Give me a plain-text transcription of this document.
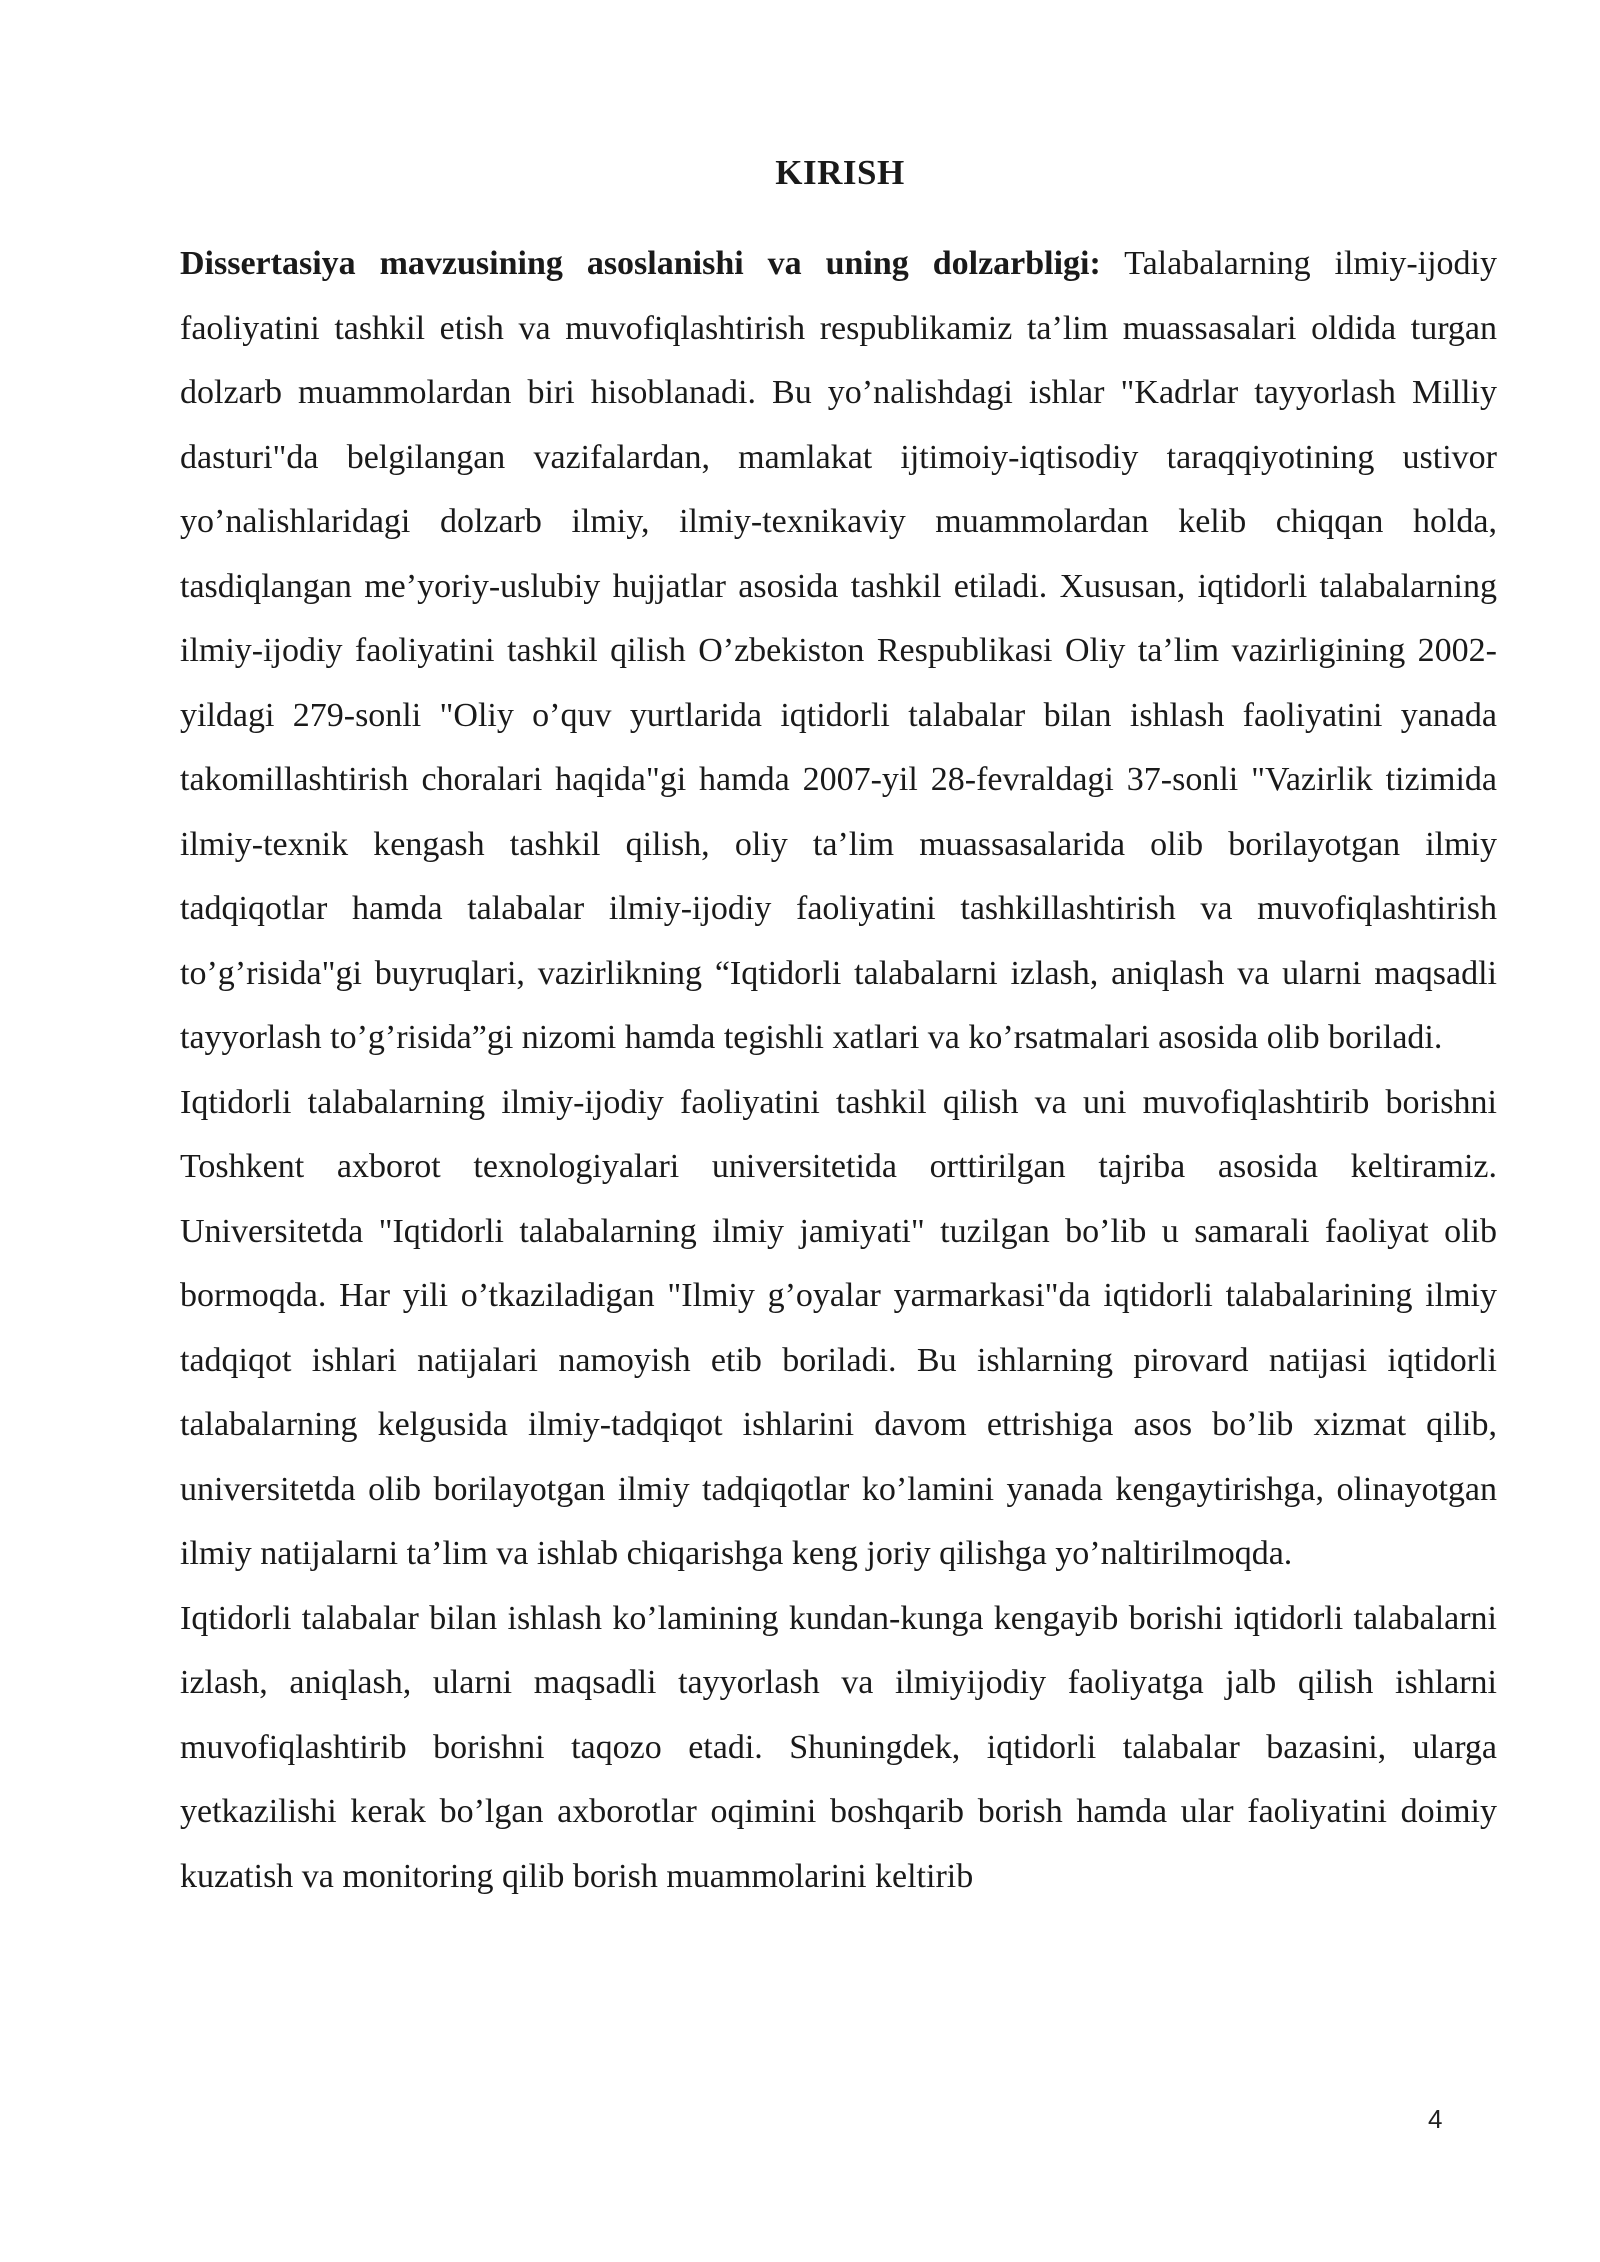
KIRISH

Dissertasiya mavzusining asoslanishi va uning dolzarbligi: Talabalarning ilmiy-ijodiy faoliyatini tashkil etish va muvofiqlashtirish respublikamiz ta’lim muassasalari oldida turgan dolzarb muammolardan biri hisoblanadi. Bu yo’nalishdagi ishlar "Kadrlar tayyorlash Milliy dasturi"da belgilangan vazifalardan, mamlakat ijtimoiy-iqtisodiy taraqqiyotining ustivor yo’nalishlaridagi dolzarb ilmiy, ilmiy-texnikaviy muammolardan kelib chiqqan holda, tasdiqlangan me’yoriy-uslubiy hujjatlar asosida tashkil etiladi. Xususan, iqtidorli talabalarning ilmiy-ijodiy faoliyatini tashkil qilish O’zbekiston Respublikasi Oliy ta’lim vazirligining 2002-yildagi 279-sonli "Oliy o’quv yurtlarida iqtidorli talabalar bilan ishlash faoliyatini yanada takomillashtirish choralari haqida"gi hamda 2007-yil 28-fevraldagi 37-sonli "Vazirlik tizimida ilmiy-texnik kengash tashkil qilish, oliy ta’lim muassasalarida olib borilayotgan ilmiy tadqiqotlar hamda talabalar ilmiy-ijodiy faoliyatini tashkillashtirish va muvofiqlashtirish to’g’risida"gi buyruqlari, vazirlikning “Iqtidorli talabalarni izlash, aniqlash va ularni maqsadli tayyorlash to’g’risida”gi nizomi hamda tegishli xatlari va ko’rsatmalari asosida olib boriladi.

Iqtidorli talabalarning ilmiy-ijodiy faoliyatini tashkil qilish va uni muvofiqlashtirib borishni Toshkent axborot texnologiyalari universitetida orttirilgan tajriba asosida keltiramiz. Universitetda "Iqtidorli talabalarning ilmiy jamiyati" tuzilgan bo’lib u samarali faoliyat olib bormoqda. Har yili o’tkaziladigan "Ilmiy g’oyalar yarmarkasi"da iqtidorli talabalarining ilmiy tadqiqot ishlari natijalari namoyish etib boriladi. Bu ishlarning pirovard natijasi iqtidorli talabalarning kelgusida ilmiy-tadqiqot ishlarini davom ettrishiga asos bo’lib xizmat qilib, universitetda olib borilayotgan ilmiy tadqiqotlar ko’lamini yanada kengaytirishga, olinayotgan ilmiy natijalarni ta’lim va ishlab chiqarishga keng joriy qilishga yo’naltirilmoqda.

Iqtidorli talabalar bilan ishlash ko’lamining kundan-kunga kengayib borishi iqtidorli talabalarni izlash, aniqlash, ularni maqsadli tayyorlash va ilmiyijodiy faoliyatga jalb qilish ishlarni muvofiqlashtirib borishni taqozo etadi. Shuningdek, iqtidorli talabalar bazasini, ularga yetkazilishi kerak bo’lgan axborotlar oqimini boshqarib borish hamda ular faoliyatini doimiy kuzatish va monitoring qilib borish muammolarini keltirib

4
